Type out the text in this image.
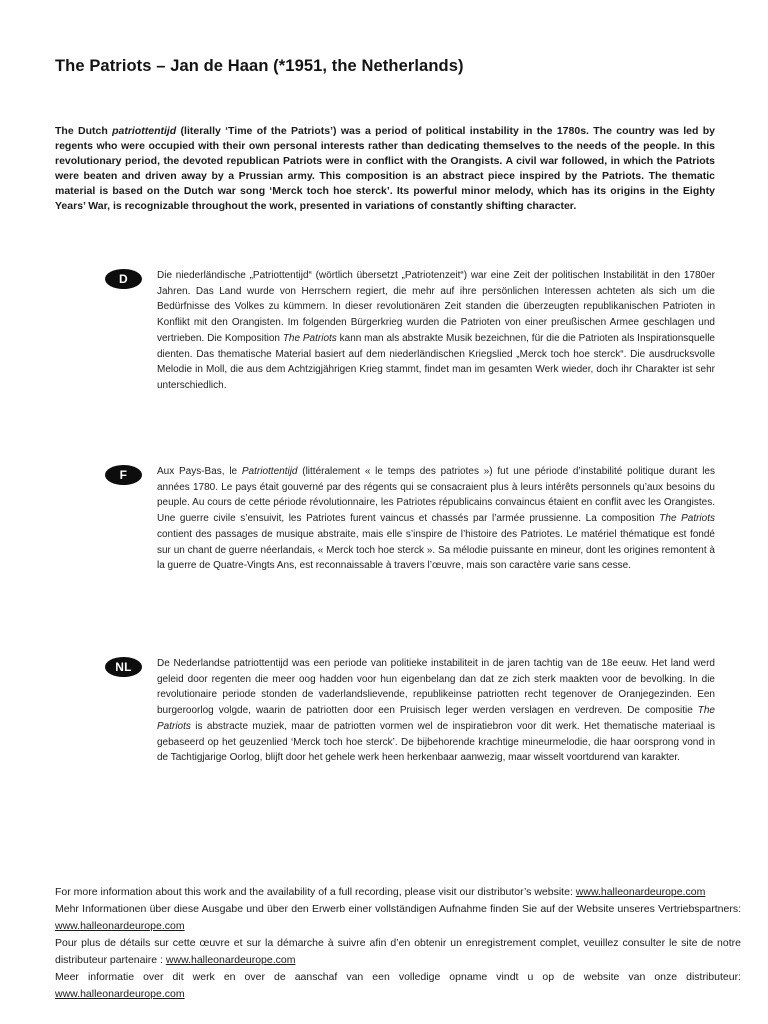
The Patriots – Jan de Haan (*1951, the Netherlands)
The Dutch patriottentijd (literally ‘Time of the Patriots’) was a period of political instability in the 1780s. The country was led by regents who were occupied with their own personal interests rather than dedicating themselves to the needs of the people. In this revolutionary period, the devoted republican Patriots were in conflict with the Orangists. A civil war followed, in which the Patriots were beaten and driven away by a Prussian army. This composition is an abstract piece inspired by the Patriots. The thematic material is based on the Dutch war song ‘Merck toch hoe sterck’. Its powerful minor melody, which has its origins in the Eighty Years’ War, is recognizable throughout the work, presented in variations of constantly shifting character.
D	Die niederländische „Patriottentijd“ (wörtlich übersetzt „Patriotenzeit“) war eine Zeit der politischen Instabilität in den 1780er Jahren. Das Land wurde von Herrschern regiert, die mehr auf ihre persönlichen Interessen achteten als sich um die Bedürfnisse des Volkes zu kümmern. In dieser revolutionären Zeit standen die überzeugten republikanischen Patrioten in Konflikt mit den Orangisten. Im folgenden Bürgerkrieg wurden die Patrioten von einer preußischen Armee geschlagen und vertrieben. Die Komposition The Patriots kann man als abstrakte Musik bezeichnen, für die die Patrioten als Inspirationsquelle dienten. Das thematische Material basiert auf dem niederländischen Kriegslied „Merck toch hoe sterck“. Die ausdrucksvolle Melodie in Moll, die aus dem Achtzigjährigen Krieg stammt, findet man im gesamten Werk wieder, doch ihr Charakter ist sehr unterschiedlich.
F	Aux Pays-Bas, le Patriottentijd (littéralement « le temps des patriotes ») fut une période d’instabilité politique durant les années 1780. Le pays était gouverné par des régents qui se consacraient plus à leurs intérêts personnels qu’aux besoins du peuple. Au cours de cette période révolutionnaire, les Patriotes républicains convaincus étaient en conflit avec les Orangistes. Une guerre civile s’ensuivit, les Patriotes furent vaincus et chassés par l’armée prussienne. La composition The Patriots contient des passages de musique abstraite, mais elle s’inspire de l’histoire des Patriotes. Le matériel thématique est fondé sur un chant de guerre néerlandais, « Merck toch hoe sterck ». Sa mélodie puissante en mineur, dont les origines remontent à la guerre de Quatre-Vingts Ans, est reconnaissable à travers l’œuvre, mais son caractère varie sans cesse.
NL	De Nederlandse patriottentijd was een periode van politieke instabiliteit in de jaren tachtig van de 18e eeuw. Het land werd geleid door regenten die meer oog hadden voor hun eigenbelang dan dat ze zich sterk maakten voor de bevolking. In die revolutionaire periode stonden de vaderlandslievende, republikeinse patriotten recht tegenover de Oranjegezinden. Een burgeroorlog volgde, waarin de patriotten door een Pruisisch leger werden verslagen en verdreven. De compositie The Patriots is abstracte muziek, maar de patriotten vormen wel de inspiratiebron voor dit werk. Het thematische materiaal is gebaseerd op het geuzenlied ‘Merck toch hoe sterck’. De bijbehorende krachtige mineurmelodie, die haar oorsprong vond in de Tachtigjarige Oorlog, blijft door het gehele werk heen herkenbaar aanwezig, maar wisselt voortdurend van karakter.

For more information about this work and the availability of a full recording, please visit our distributor’s website: www.halleonardeurope.com

Mehr Informationen über diese Ausgabe und über den Erwerb einer vollständigen Aufnahme finden Sie auf der Website unseres Vertriebspartners: www.halleonardeurope.com

Pour plus de détails sur cette œuvre et sur la démarche à suivre afin d’en obtenir un enregistrement complet, veuillez consulter le site de notre distributeur partenaire : www.halleonardeurope.com

Meer informatie over dit werk en over de aanschaf van een volledige opname vindt u op de website van onze distributeur: www.halleonardeurope.com
